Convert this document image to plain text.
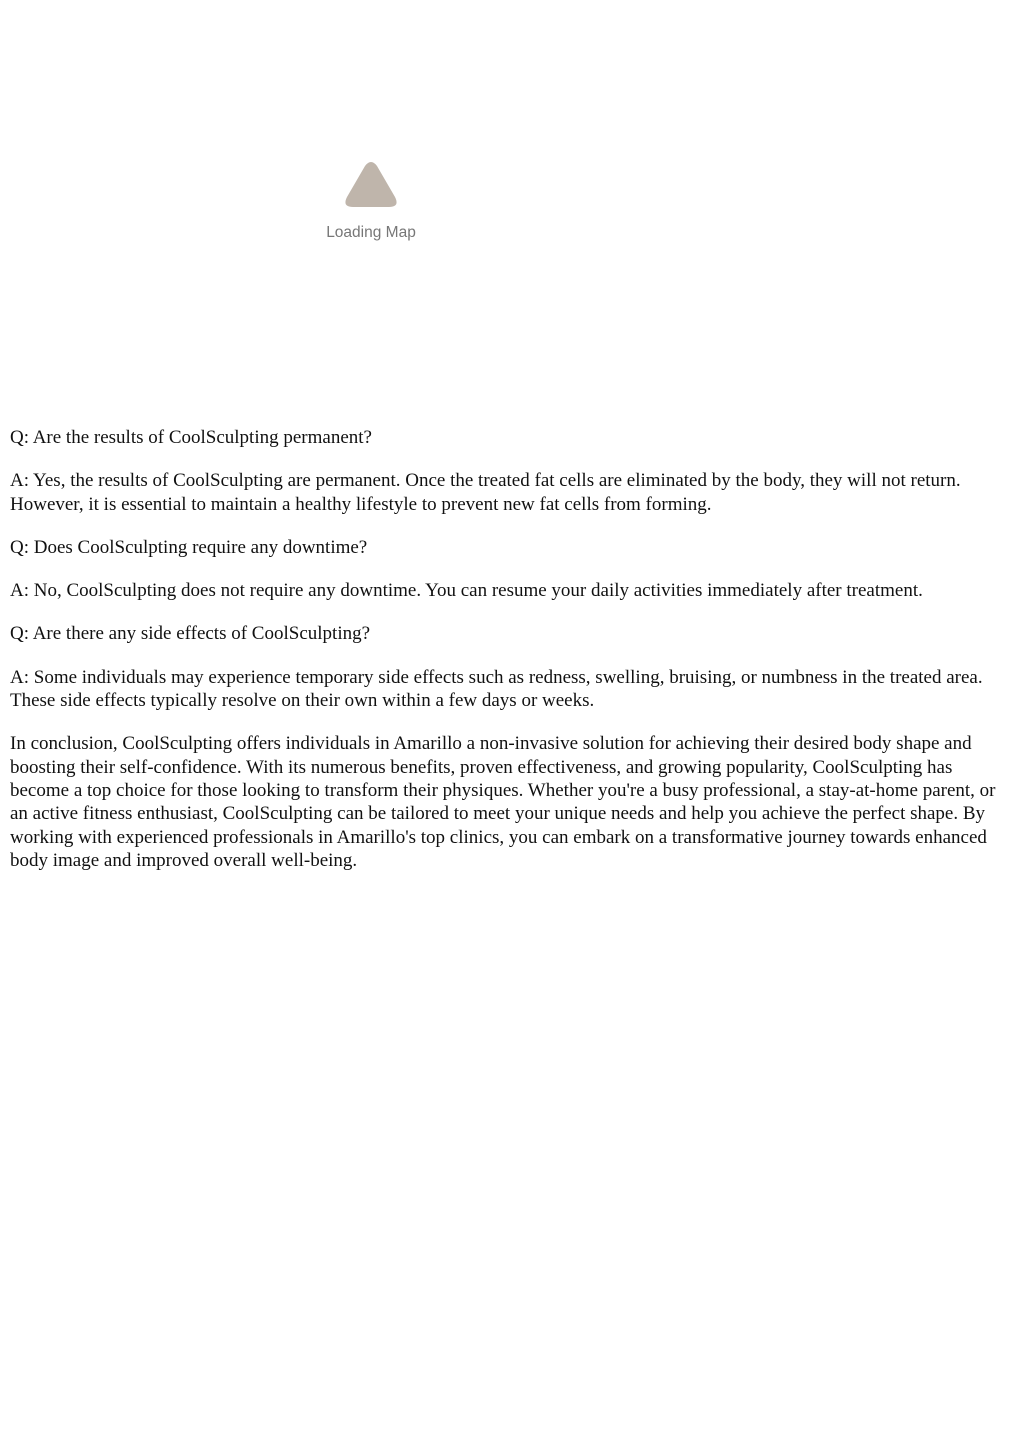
Loading Map

Q: Are the results of CoolSculpting permanent?

A: Yes, the results of CoolSculpting are permanent. Once the treated fat cells are eliminated by the body, they will not return. However, it is essential to maintain a healthy lifestyle to prevent new fat cells from forming.

Q: Does CoolSculpting require any downtime?

A: No, CoolSculpting does not require any downtime. You can resume your daily activities immediately after treatment.

Q: Are there any side effects of CoolSculpting?

A: Some individuals may experience temporary side effects such as redness, swelling, bruising, or numbness in the treated area. These side effects typically resolve on their own within a few days or weeks.

In conclusion, CoolSculpting offers individuals in Amarillo a non-invasive solution for achieving their desired body shape and boosting their self-confidence. With its numerous benefits, proven effectiveness, and growing popularity, CoolSculpting has become a top choice for those looking to transform their physiques. Whether you're a busy professional, a stay-at-home parent, or an active fitness enthusiast, CoolSculpting can be tailored to meet your unique needs and help you achieve the perfect shape. By working with experienced professionals in Amarillo's top clinics, you can embark on a transformative journey towards enhanced body image and improved overall well-being.
